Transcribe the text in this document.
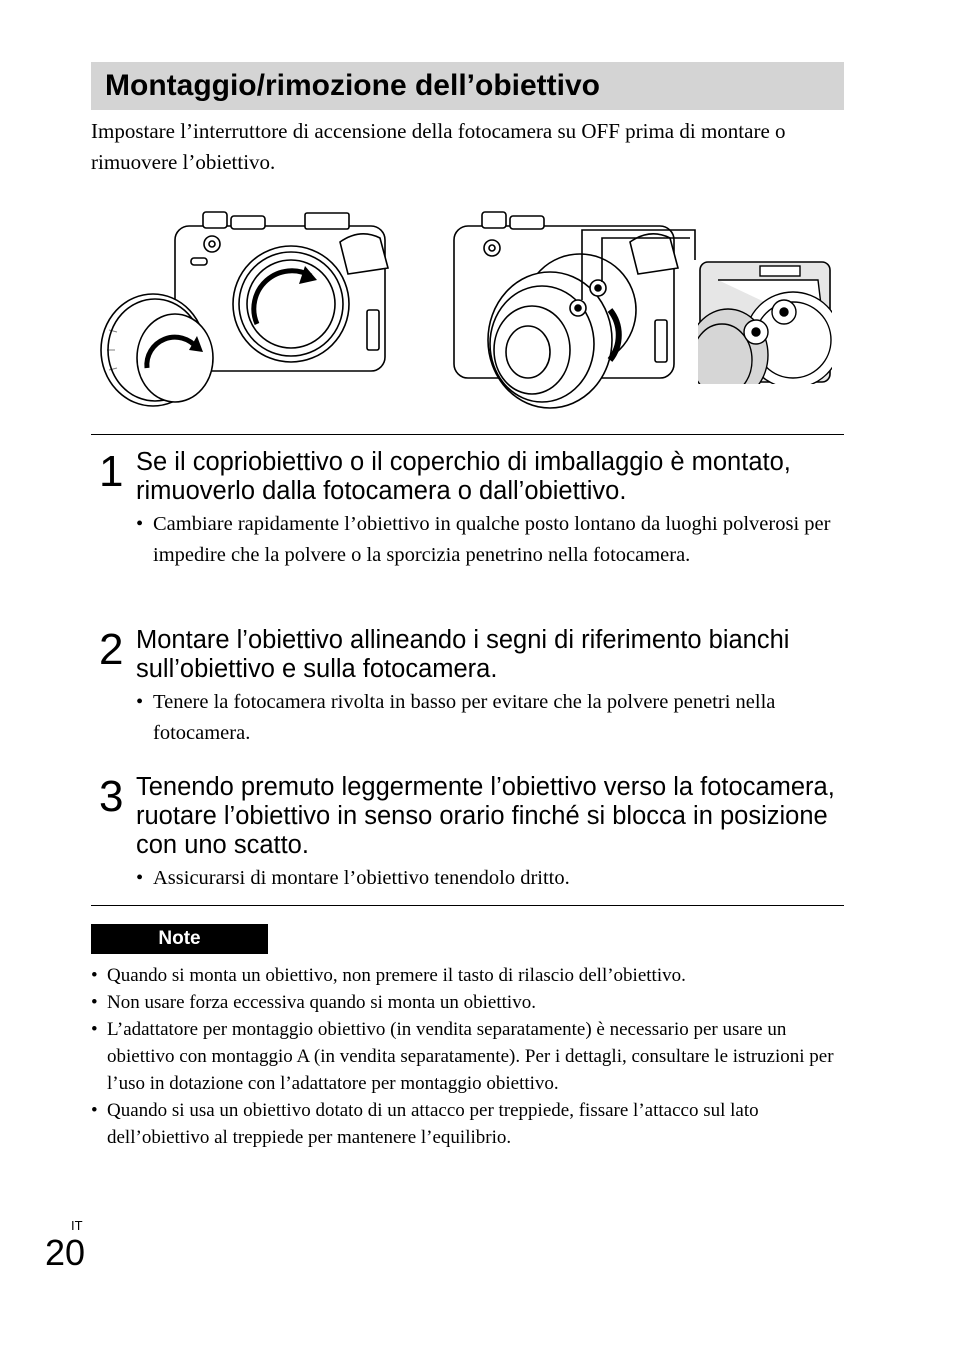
Montaggio/rimozione dell’obiettivo

Impostare l’interruttore di accensione della fotocamera su OFF prima di montare o rimuovere l’obiettivo.

1 Se il copriobiettivo o il coperchio di imballaggio è montato, rimuoverlo dalla fotocamera o dall’obiettivo.
• Cambiare rapidamente l’obiettivo in qualche posto lontano da luoghi polverosi per impedire che la polvere o la sporcizia penetrino nella fotocamera.
2 Montare l’obiettivo allineando i segni di riferimento bianchi sull’obiettivo e sulla fotocamera.
• Tenere la fotocamera rivolta in basso per evitare che la polvere penetri nella fotocamera.
3 Tenendo premuto leggermente l’obiettivo verso la fotocamera, ruotare l’obiettivo in senso orario finché si blocca in posizione con uno scatto.
• Assicurarsi di montare l’obiettivo tenendolo dritto.
Note
• Quando si monta un obiettivo, non premere il tasto di rilascio dell’obiettivo.
• Non usare forza eccessiva quando si monta un obiettivo.
• L’adattatore per montaggio obiettivo (in vendita separatamente) è necessario per usare un obiettivo con montaggio A (in vendita separatamente). Per i dettagli, consultare le istruzioni per l’uso in dotazione con l’adattatore per montaggio obiettivo.
• Quando si usa un obiettivo dotato di un attacco per treppiede, fissare l’attacco sul lato dell’obiettivo al treppiede per mantenere l’equilibrio.
IT
20
